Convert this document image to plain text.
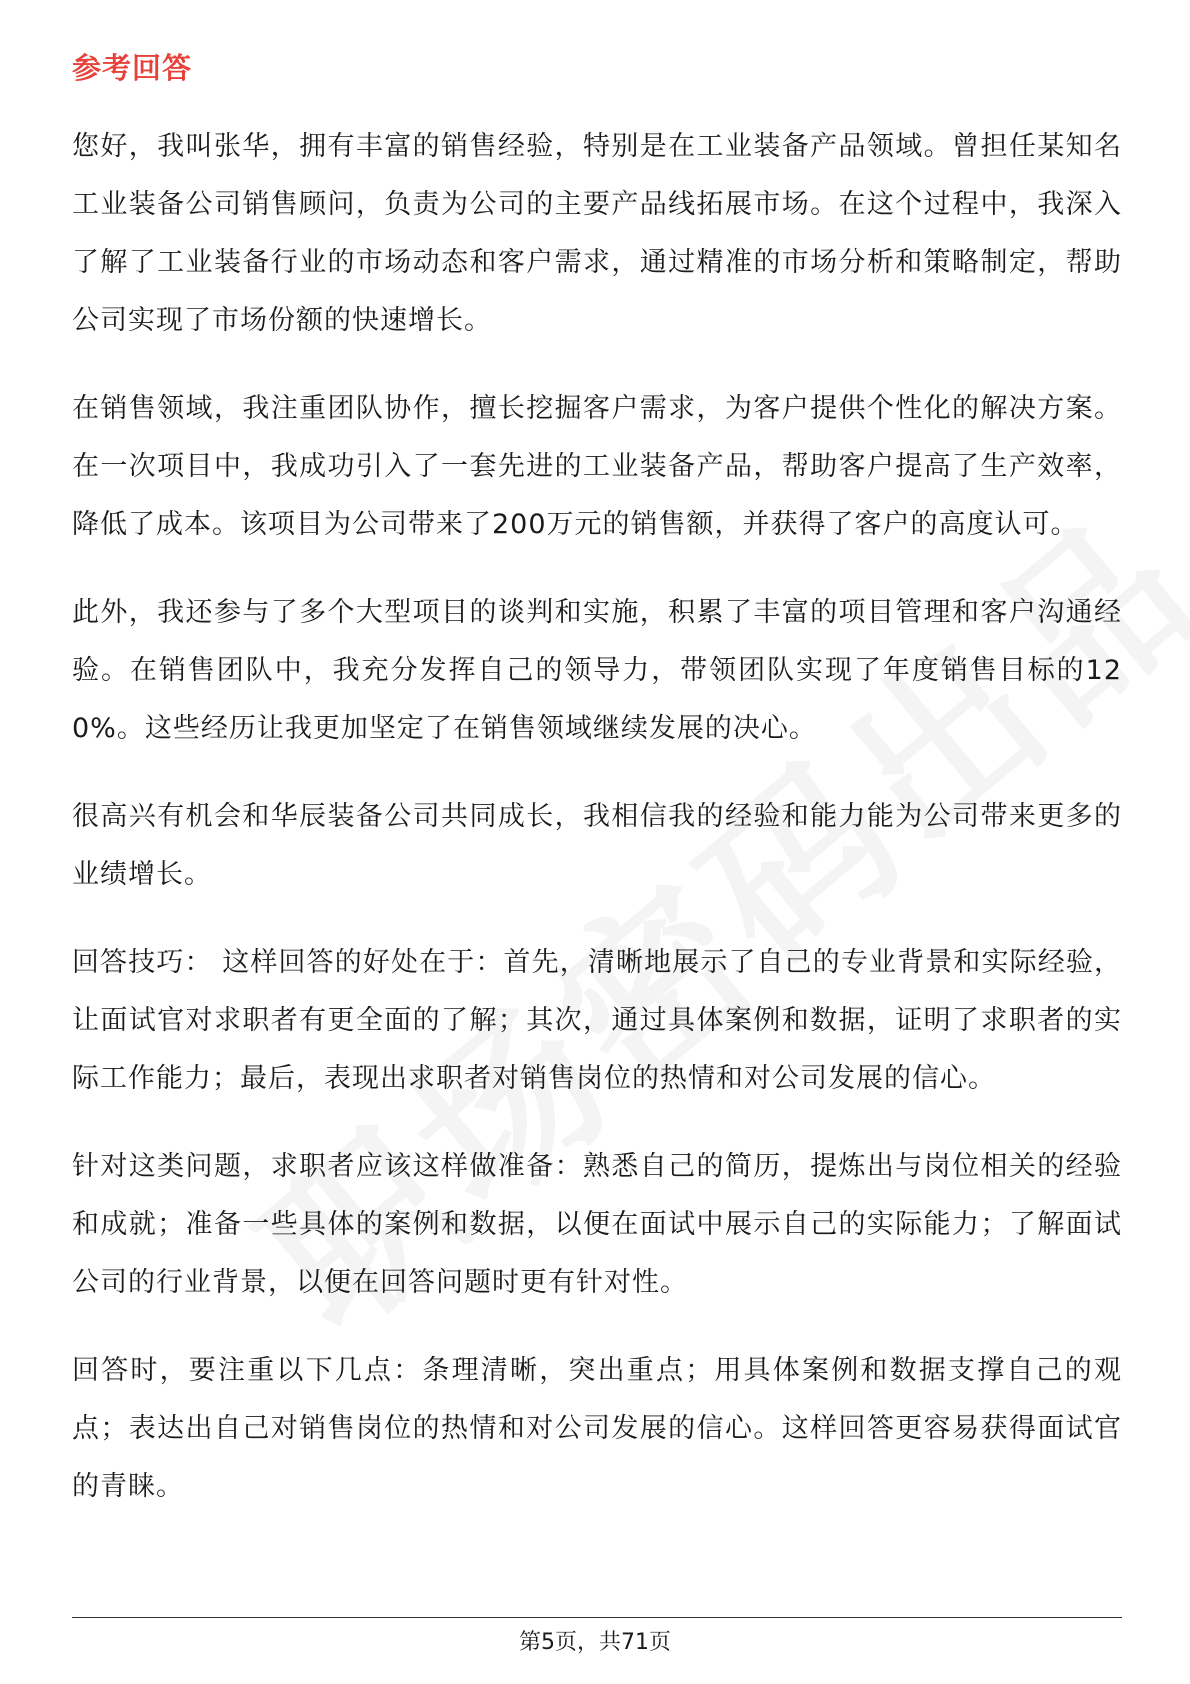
参考回答

您好，我叫张华，拥有丰富的销售经验，特别是在工业装备产品领域。曾担任某知名工业装备公司销售顾问，负责为公司的主要产品线拓展市场。在这个过程中，我深入了解了工业装备行业的市场动态和客户需求，通过精准的市场分析和策略制定，帮助公司实现了市场份额的快速增长。

在销售领域，我注重团队协作，擅长挖掘客户需求，为客户提供个性化的解决方案。在一次项目中，我成功引入了一套先进的工业装备产品，帮助客户提高了生产效率，降低了成本。该项目为公司带来了200万元的销售额，并获得了客户的高度认可。

此外，我还参与了多个大型项目的谈判和实施，积累了丰富的项目管理和客户沟通经验。在销售团队中，我充分发挥自己的领导力，带领团队实现了年度销售目标的120%。这些经历让我更加坚定了在销售领域继续发展的决心。

很高兴有机会和华辰装备公司共同成长，我相信我的经验和能力能为公司带来更多的业绩增长。

回答技巧： 这样回答的好处在于：首先，清晰地展示了自己的专业背景和实际经验，让面试官对求职者有更全面的了解；其次，通过具体案例和数据，证明了求职者的实际工作能力；最后，表现出求职者对销售岗位的热情和对公司发展的信心。

针对这类问题，求职者应该这样做准备：熟悉自己的简历，提炼出与岗位相关的经验和成就；准备一些具体的案例和数据，以便在面试中展示自己的实际能力；了解面试公司的行业背景，以便在回答问题时更有针对性。

回答时，要注重以下几点：条理清晰，突出重点；用具体案例和数据支撑自己的观点；表达出自己对销售岗位的热情和对公司发展的信心。这样回答更容易获得面试官的青睐。

第5页，共71页
